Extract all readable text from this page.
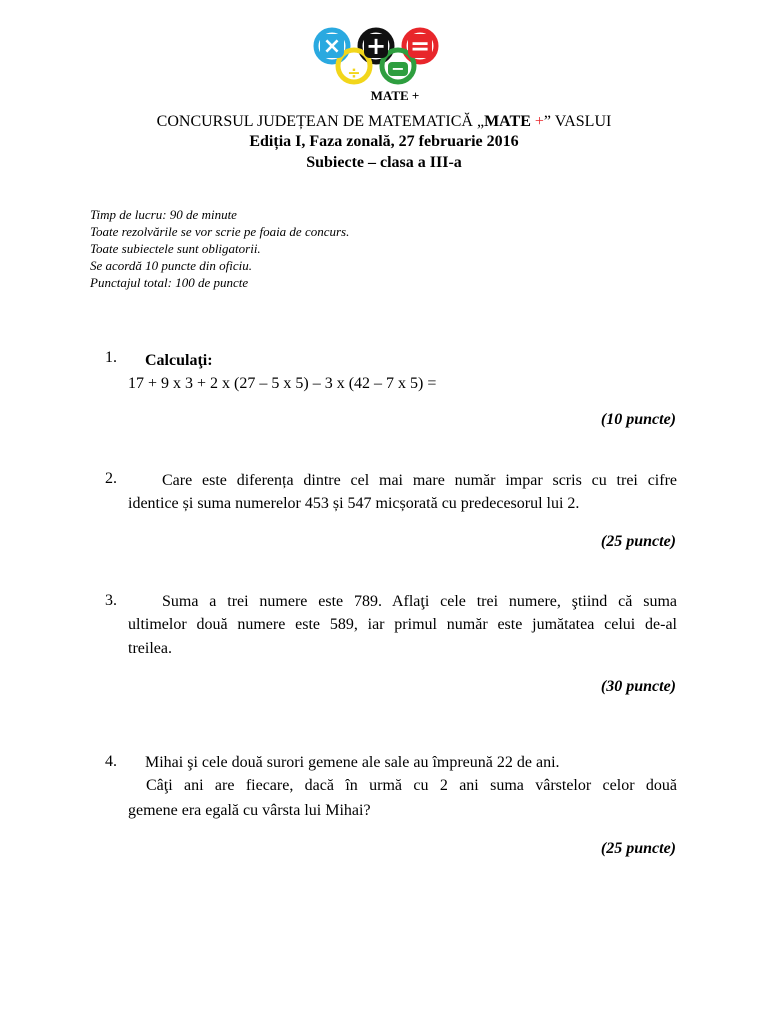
× + =
÷ −
MATE +
CONCURSUL JUDEȚEAN DE MATEMATICĂ „MATE +” VASLUI
Ediția I, Faza zonală, 27 februarie 2016
Subiecte – clasa a III-a
Timp de lucru: 90 de minute
Toate rezolvările se vor scrie pe foaia de concurs.
Toate subiectele sunt obligatorii.
Se acordă 10 puncte din oficiu.
Punctajul total: 100 de puncte
1. Calculaţi:
17 + 9 x 3 + 2 x (27 – 5 x 5) – 3 x (42 – 7 x 5) =
(10 puncte)
2.	Care este diferența dintre cel mai mare număr impar scris cu trei cifre
identice și suma numerelor 453 și 547 micșorată cu predecesorul lui 2.
(25 puncte)
3.	Suma a trei numere este 789. Aflaţi cele trei numere, ştiind că suma
ultimelor două numere este 589, iar primul număr este jumătatea celui de-al
treilea.
(30 puncte)
4. Mihai şi cele două surori gemene ale sale au împreună 22 de ani.
Câţi ani are fiecare, dacă în urmă cu 2 ani suma vârstelor celor două
gemene era egală cu vârsta lui Mihai?
(25 puncte)
